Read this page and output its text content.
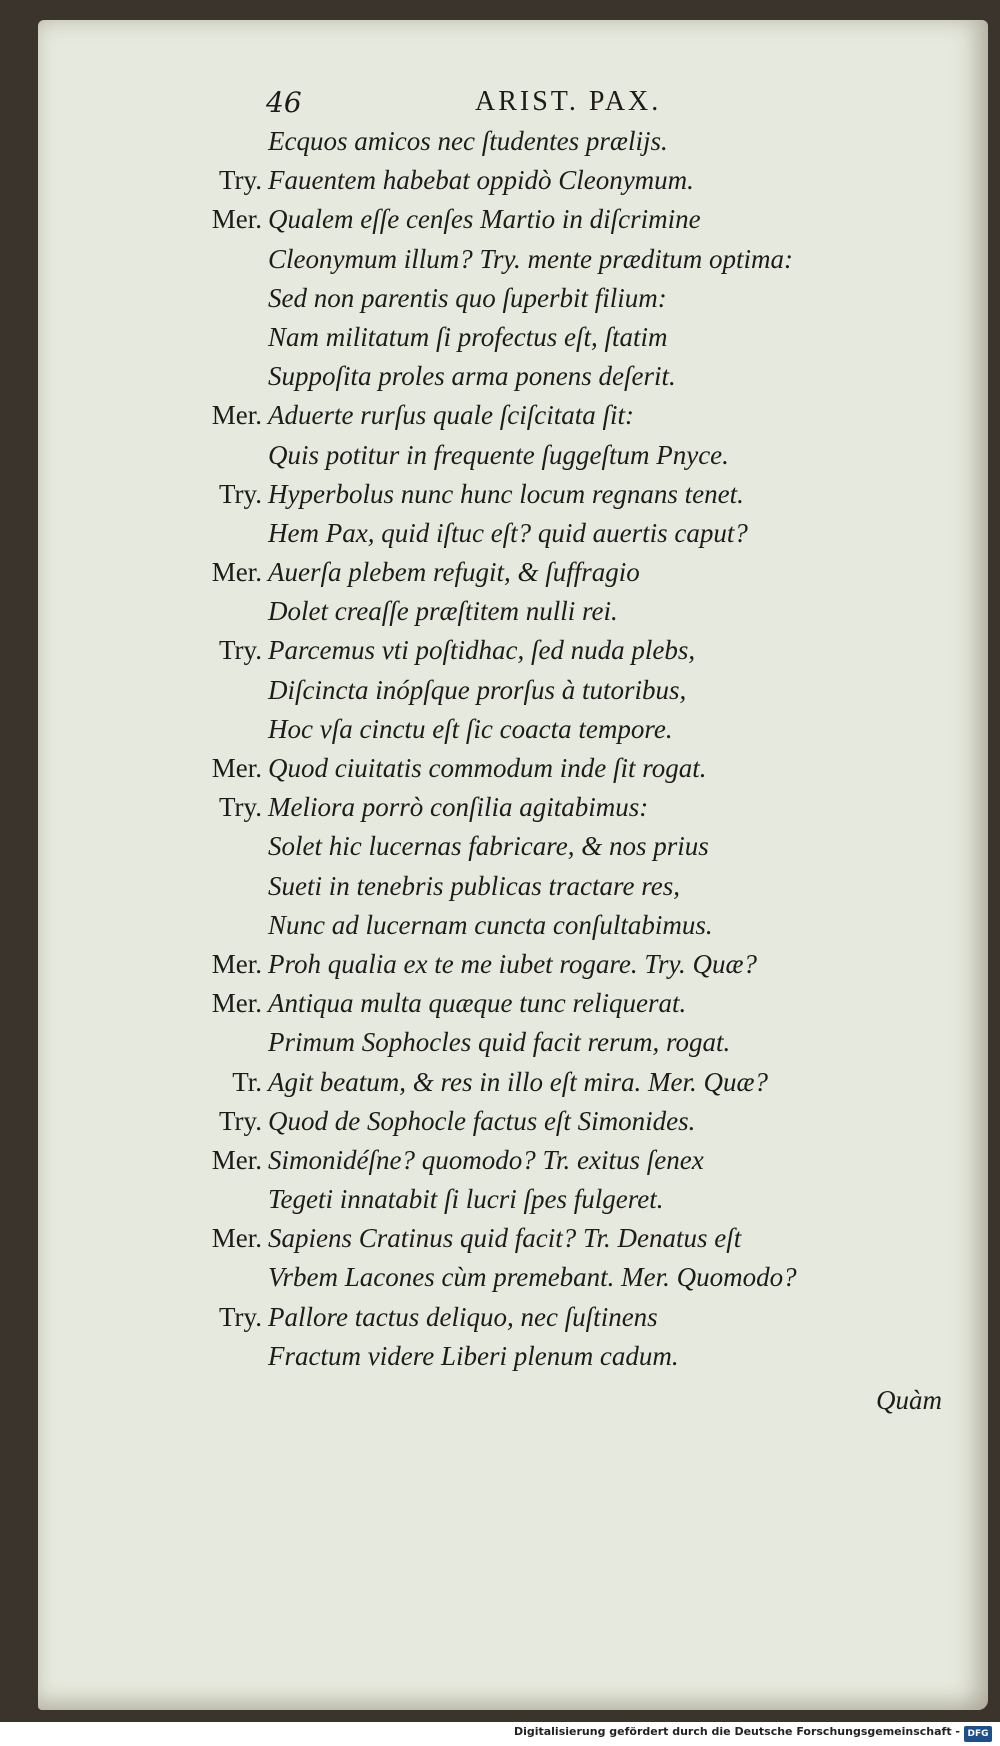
46	ARIST. PAX.
Ecquos amicos nec ſtudentes prælijs.
Try. Fauentem habebat oppidò Cleonymum.
Mer. Qualem eſſe cenſes Martio in diſcrimine
Cleonymum illum? Try. mente præditum optima:
Sed non parentis quo ſuperbit filium:
Nam militatum ſi profectus eſt, ſtatim
Suppoſita proles arma ponens deſerit.
Mer. Aduerte rurſus quale ſciſcitata ſit:
Quis potitur in frequente ſuggeſtum Pnyce.
Try. Hyperbolus nunc hunc locum regnans tenet.
Hem Pax, quid iſtuc eſt? quid auertis caput?
Mer. Auerſa plebem refugit, & ſuffragio
Dolet creaſſe præſtitem nulli rei.
Try. Parcemus vti poſtidhac, ſed nuda plebs,
Diſcincta inópſque prorſus à tutoribus,
Hoc vſa cinctu eſt ſic coacta tempore.
Mer. Quod ciuitatis commodum inde ſit rogat.
Try. Meliora porrò conſilia agitabimus:
Solet hic lucernas fabricare, & nos prius
Sueti in tenebris publicas tractare res,
Nunc ad lucernam cuncta conſultabimus.
Mer. Proh qualia ex te me iubet rogare. Try. Quæ?
Mer. Antiqua multa quæque tunc reliquerat.
Primum Sophocles quid facit rerum, rogat.
Tr. Agit beatum, & res in illo eſt mira. Mer. Quæ?
Try. Quod de Sophocle factus eſt Simonides.
Mer. Simonidéſne? quomodo? Tr. exitus ſenex
Tegeti innatabit ſi lucri ſpes fulgeret.
Mer. Sapiens Cratinus quid facit? Tr. Denatus eſt
Vrbem Lacones cùm premebant. Mer. Quomodo?
Try. Pallore tactus deliquo, nec ſuſtinens
Fractum videre Liberi plenum cadum.
Quàm
Digitalisierung gefördert durch die Deutsche Forschungsgemeinschaft - DFG
